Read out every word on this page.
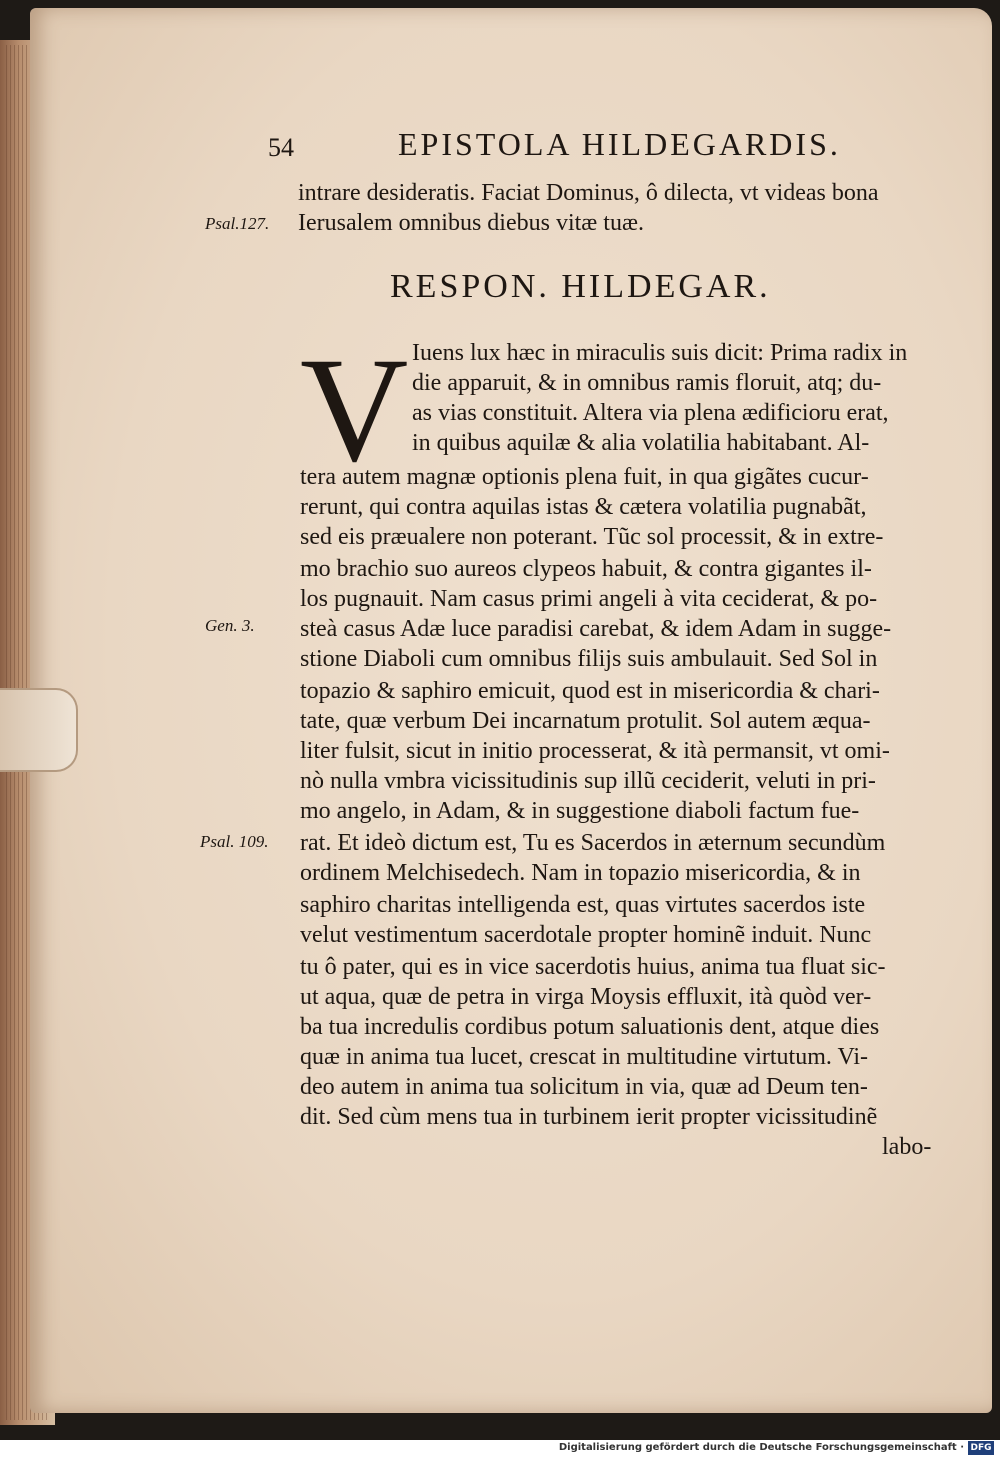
54	EPISTOLA HILDEGARDIS.
intrare desideratis. Faciat Dominus, ô dilecta, vt videas bona
Ierusalem omnibus diebus vitæ tuæ.
Psal.127.
RESPON. HILDEGAR.
V Iuens lux hæc in miraculis suis dicit: Prima radix in
die apparuit, & in omnibus ramis floruit, atq; du-
as vias constituit. Altera via plena ædificioru erat,
in quibus aquilæ & alia volatilia habitabant. Al-
tera autem magnæ optionis plena fuit, in qua gigãtes cucur-
rerunt, qui contra aquilas istas & cætera volatilia pugnabãt,
sed eis præualere non poterant. Tũc sol processit, & in extre-
mo brachio suo aureos clypeos habuit, & contra gigantes il-
los pugnauit. Nam casus primi angeli à vita ceciderat, & po-
steà casus Adæ luce paradisi carebat, & idem Adam in sugge-
Gen. 3.
stione Diaboli cum omnibus filijs suis ambulauit. Sed Sol in
topazio & saphiro emicuit, quod est in misericordia & chari-
tate, quæ verbum Dei incarnatum protulit. Sol autem æqua-
liter fulsit, sicut in initio processerat, & ità permansit, vt omi-
nò nulla vmbra vicissitudinis sup illũ ceciderit, veluti in pri-
mo angelo, in Adam, & in suggestione diaboli factum fue-
rat. Et ideò dictum est, Tu es Sacerdos in æternum secundùm
Psal. 109.
ordinem Melchisedech. Nam in topazio misericordia, & in
saphiro charitas intelligenda est, quas virtutes sacerdos iste
velut vestimentum sacerdotale propter hominẽ induit. Nunc
tu ô pater, qui es in vice sacerdotis huius, anima tua fluat sic-
ut aqua, quæ de petra in virga Moysis effluxit, ità quòd ver-
ba tua incredulis cordibus potum saluationis dent, atque dies
quæ in anima tua lucet, crescat in multitudine virtutum. Vi-
deo autem in anima tua solicitum in via, quæ ad Deum ten-
dit. Sed cùm mens tua in turbinem ierit propter vicissitudinẽ
labo-
Digitalisierung gefördert durch die Deutsche Forschungsgemeinschaft · DFG
